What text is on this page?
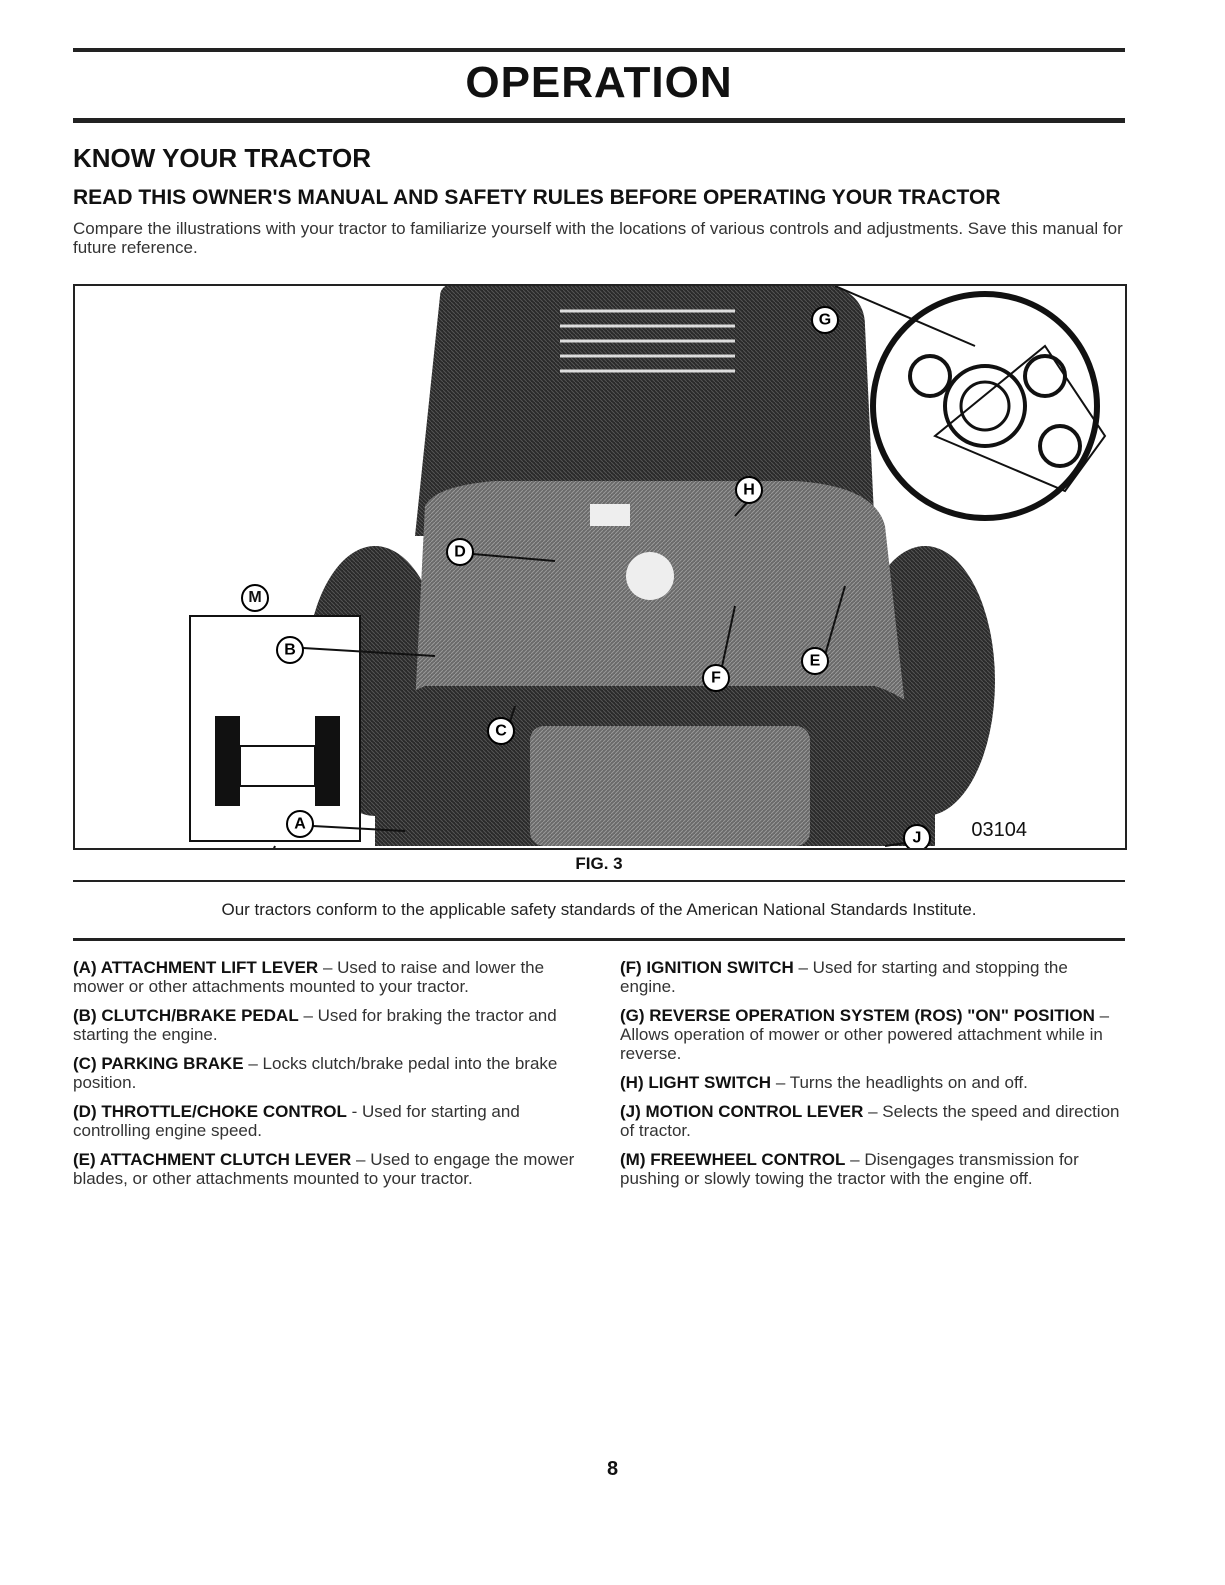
OPERATION
KNOW YOUR TRACTOR
READ THIS OWNER'S MANUAL AND SAFETY RULES BEFORE OPERATING YOUR TRACTOR

Compare the illustrations with your tractor to familiarize yourself with the locations of various controls and adjustments. Save this manual for future reference.

G
H
D
B
E
F
C
A
J
M
03104
FIG. 3
Our tractors conform to the applicable safety standards of the American National Standards Institute.

(A) ATTACHMENT LIFT LEVER – Used to raise and lower the mower or other attachments mounted to your tractor.

(B) CLUTCH/BRAKE PEDAL – Used for braking the tractor and starting the engine.

(C) PARKING BRAKE – Locks clutch/brake pedal into the brake position.

(D) THROTTLE/CHOKE CONTROL - Used for starting and controlling engine speed.

(E) ATTACHMENT CLUTCH LEVER – Used to engage the mower blades, or other attachments mounted to your tractor.

(F) IGNITION SWITCH – Used for starting and stopping the engine.

(G) REVERSE OPERATION SYSTEM (ROS) "ON" POSITION – Allows operation of mower or other powered attachment while in reverse.

(H) LIGHT SWITCH – Turns the headlights on and off.

(J) MOTION CONTROL LEVER – Selects the speed and direction of tractor.

(M) FREEWHEEL CONTROL – Disengages transmission for pushing or slowly towing the tractor with the engine off.

8
